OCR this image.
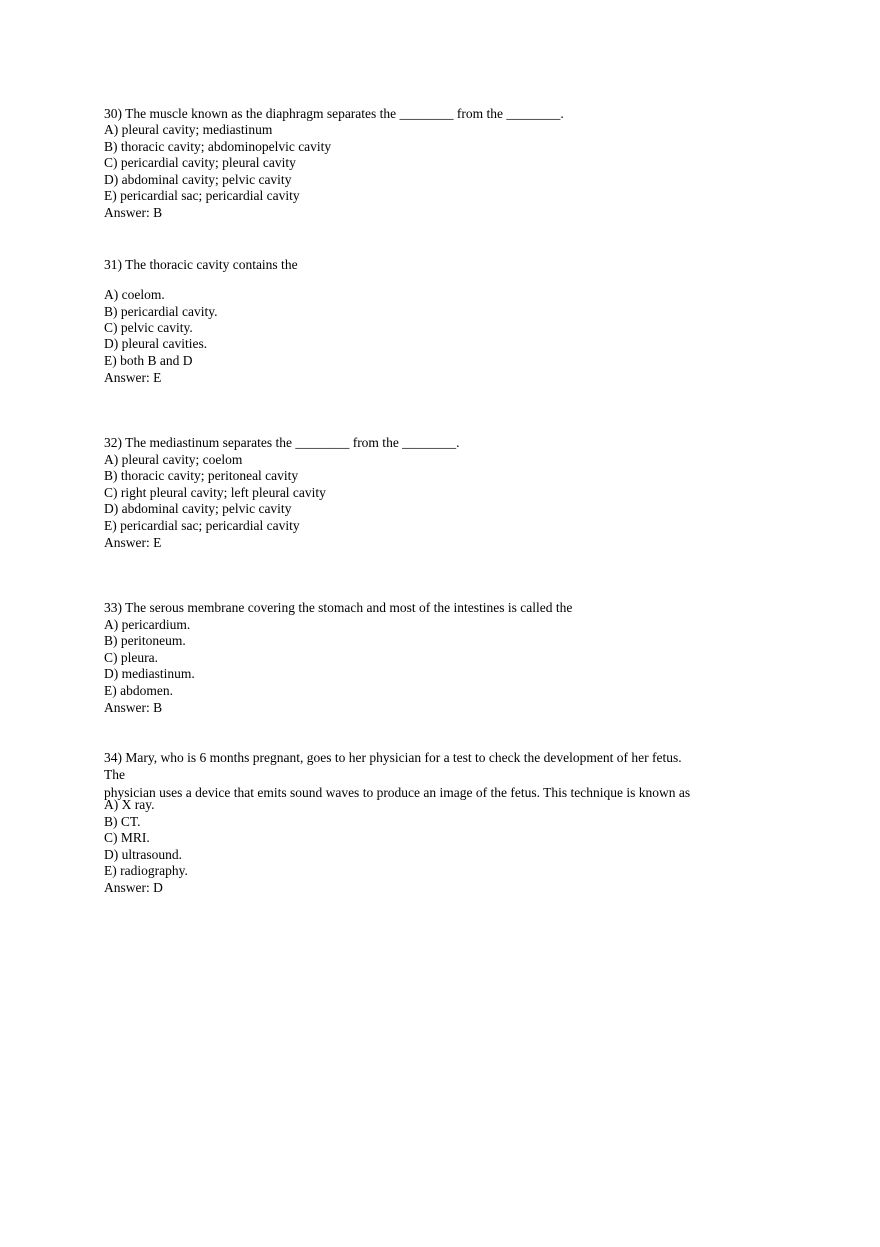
30) The muscle known as the diaphragm separates the ________ from the ________.
A) pleural cavity; mediastinum
B) thoracic cavity; abdominopelvic cavity
C) pericardial cavity; pleural cavity
D) abdominal cavity; pelvic cavity
E) pericardial sac; pericardial cavity
Answer: B
31) The thoracic cavity contains the
A) coelom.
B) pericardial cavity.
C) pelvic cavity.
D) pleural cavities.
E) both B and D
Answer: E
32) The mediastinum separates the ________ from the ________.
A) pleural cavity; coelom
B) thoracic cavity; peritoneal cavity
C) right pleural cavity; left pleural cavity
D) abdominal cavity; pelvic cavity
E) pericardial sac; pericardial cavity
Answer: E
33) The serous membrane covering the stomach and most of the intestines is called the
A) pericardium.
B) peritoneum.
C) pleura.
D) mediastinum.
E) abdomen.
Answer: B
34) Mary, who is 6 months pregnant, goes to her physician for a test to check the development of her fetus.
The
physician uses a device that emits sound waves to produce an image of the fetus. This technique is known as
A) X ray.
B) CT.
C) MRI.
D) ultrasound.
E) radiography.
Answer: D
